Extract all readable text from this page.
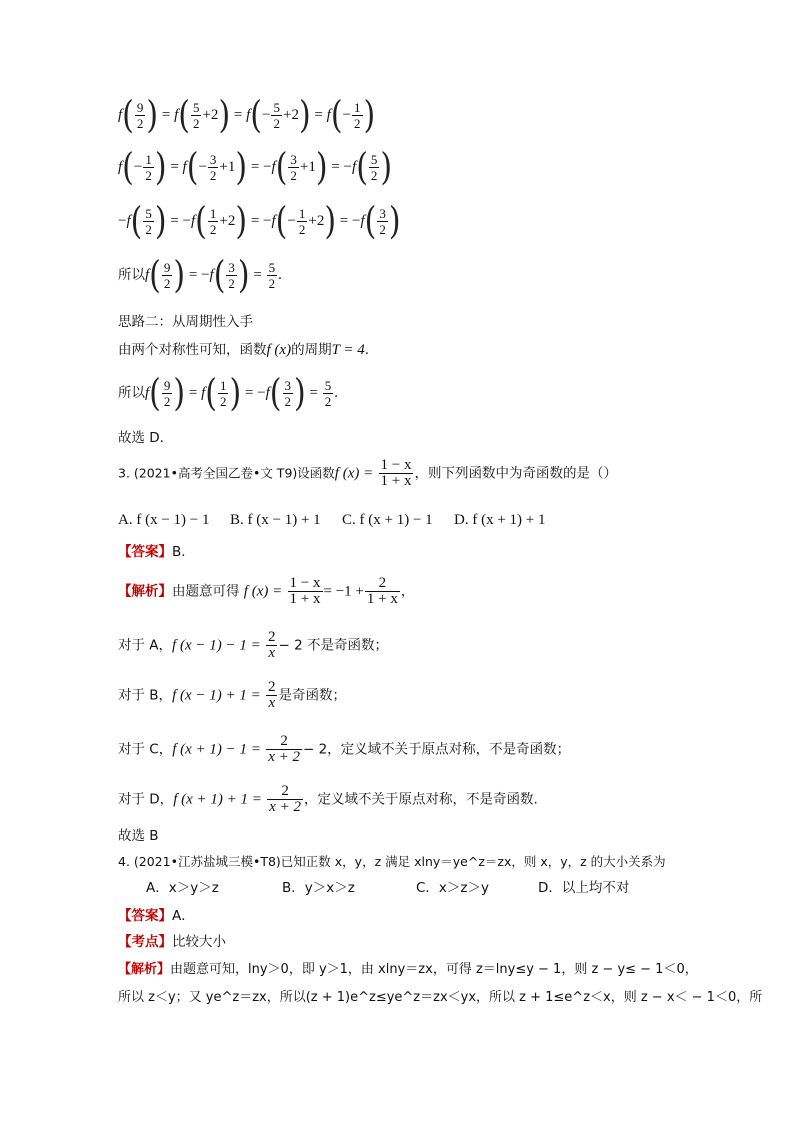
$f( \frac{9}{2}$ ) = $f( \frac{5}{2} +2) = f(- \frac{5}{2} +2) = f(- \frac{1}{2}$ )
$f(- \frac{1}{2}$ ) = $f(- \frac{3}{2} +1) = -f( \frac{3}{2} +1) = -f( \frac{5}{2}$ )
$-f( \frac{5}{2}$ ) = $-f( \frac{1}{2} +2) = -f(- \frac{1}{2} +2) = -f( \frac{3}{2}$ )
所以$f( \frac{9}{2}$ ) = $-f( \frac{3}{2}$ ) = $\frac{5}{2}$ .
思路二：从周期性入手
由两个对称性可知，函数f (x)的周期T = 4.
所以$f( \frac{9}{2}$ ) = $f( \frac{1}{2}$ ) = $-f( \frac{3}{2}$ ) = $\frac{5}{2}$ .
故选 D．
3. (2021•高考全国乙卷•文 T9)设函数f $(x) = \frac{1 - x}{1 + x}$ ，则下列函数中为奇函数的是（）
A. f (x − 1) − 1 B. f (x − 1) + 1 C. f (x + 1) − 1 D. f (x + 1) + 1
【答案】B．
【解析】由题意可得 f $(x) = \frac{1 - x}{1 + x} = -1 + \frac{2}{1 + x}$ ，
对于 A，f $(x - 1) - 1 = \frac{2}{x} - 2$ 不是奇函数；
对于 B，f $(x - 1) + 1 = \frac{2}{x}$ 是奇函数；
对于 C，f $(x + 1) - 1 = \frac{2}{x + 2} - 2$，定义域不关于原点对称，不是奇函数；
对于 D，f $(x + 1) + 1 = \frac{2}{x + 2}$ ，定义域不关于原点对称，不是奇函数.
故选 B
4. (2021•江苏盐城三模•T8)已知正数 x，y，z 满足 xlny＝ye^z＝zx，则 x，y，z 的大小关系为
A．x＞y＞z	B．y＞x＞z	C．x＞z＞y	D．以上均不对
【答案】A．
【考点】比较大小
【解析】由题意可知，lny＞0，即 y＞1，由 xlny＝zx，可得 z＝lny≤y − 1，则 z − y≤ − 1＜0，
所以 z＜y；又 ye^z＝zx，所以(z + 1)e^z≤ye^z＝zx＜yx，所以 z + 1≤e^z＜x，则 z − x＜ − 1＜0，所
